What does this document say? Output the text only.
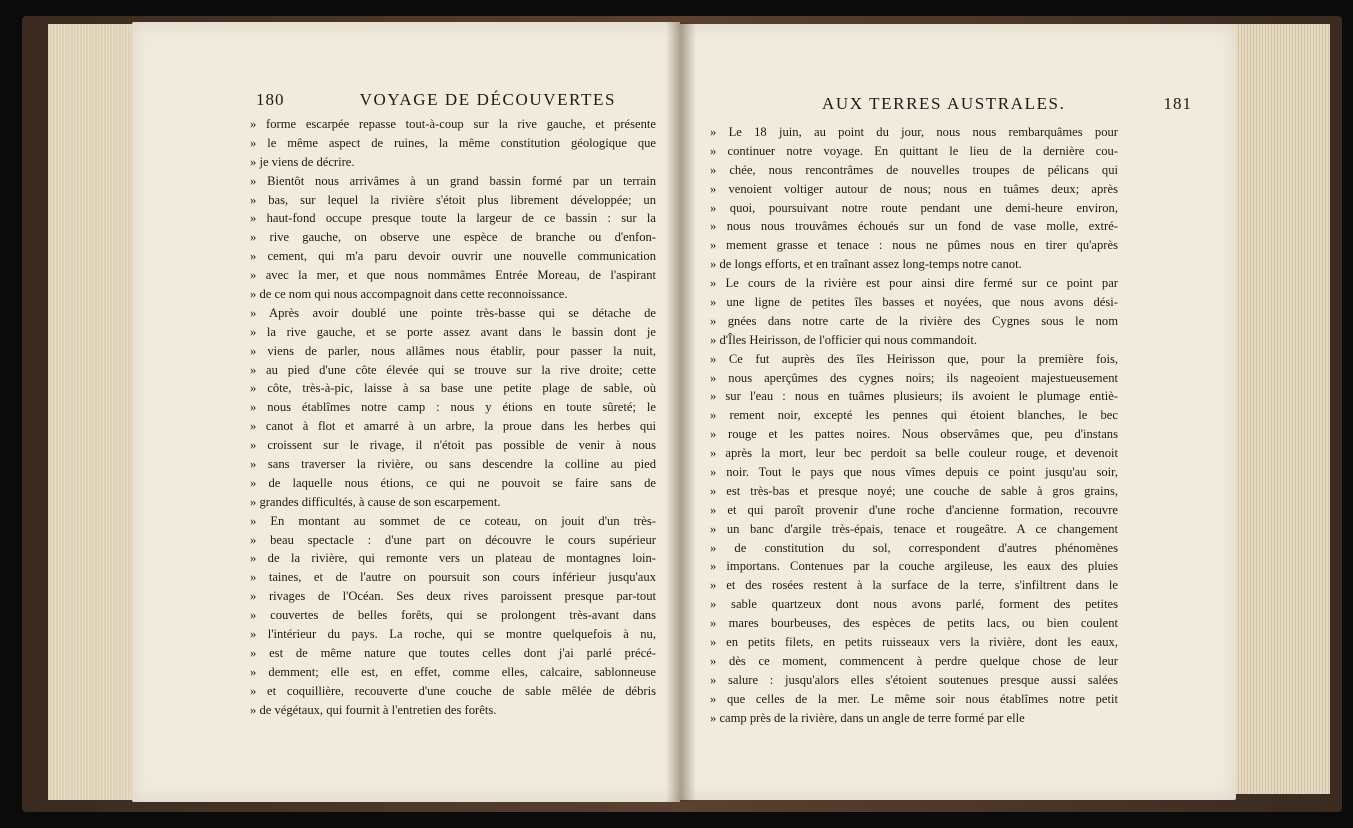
180	VOYAGE DE DÉCOUVERTES
» forme escarpée repasse tout-à-coup sur la rive gauche, et présente
» le même aspect de ruines, la même constitution géologique que
» je viens de décrire.
» Bientôt nous arrivâmes à un grand bassin formé par un terrain
» bas, sur lequel la rivière s'étoit plus librement développée; un
» haut-fond occupe presque toute la largeur de ce bassin : sur la
» rive gauche, on observe une espèce de branche ou d'enfon-
» cement, qui m'a paru devoir ouvrir une nouvelle communication
» avec la mer, et que nous nommâmes Entrée Moreau, de l'aspirant
» de ce nom qui nous accompagnoit dans cette reconnoissance.
» Après avoir doublé une pointe très-basse qui se détache de
» la rive gauche, et se porte assez avant dans le bassin dont je
» viens de parler, nous allâmes nous établir, pour passer la nuit,
» au pied d'une côte élevée qui se trouve sur la rive droite; cette
» côte, très-à-pic, laisse à sa base une petite plage de sable, où
» nous établîmes notre camp : nous y étions en toute sûreté; le
» canot à flot et amarré à un arbre, la proue dans les herbes qui
» croissent sur le rivage, il n'étoit pas possible de venir à nous
» sans traverser la rivière, ou sans descendre la colline au pied
» de laquelle nous étions, ce qui ne pouvoit se faire sans de
» grandes difficultés, à cause de son escarpement.
» En montant au sommet de ce coteau, on jouit d'un très-
» beau spectacle : d'une part on découvre le cours supérieur
» de la rivière, qui remonte vers un plateau de montagnes loin-
» taines, et de l'autre on poursuit son cours inférieur jusqu'aux
» rivages de l'Océan. Ses deux rives paroissent presque par-tout
» couvertes de belles forêts, qui se prolongent très-avant dans
» l'intérieur du pays. La roche, qui se montre quelquefois à nu,
» est de même nature que toutes celles dont j'ai parlé précé-
» demment; elle est, en effet, comme elles, calcaire, sablonneuse
» et coquillière, recouverte d'une couche de sable mêlée de débris
» de végétaux, qui fournit à l'entretien des forêts.
AUX TERRES AUSTRALES.	181
» Le 18 juin, au point du jour, nous nous rembarquâmes pour
» continuer notre voyage. En quittant le lieu de la dernière cou-
» chée, nous rencontrâmes de nouvelles troupes de pélicans qui
» venoient voltiger autour de nous; nous en tuâmes deux; après
» quoi, poursuivant notre route pendant une demi-heure environ,
» nous nous trouvâmes échoués sur un fond de vase molle, extré-
» mement grasse et tenace : nous ne pûmes nous en tirer qu'après
» de longs efforts, et en traînant assez long-temps notre canot.
» Le cours de la rivière est pour ainsi dire fermé sur ce point par
» une ligne de petites îles basses et noyées, que nous avons dési-
» gnées dans notre carte de la rivière des Cygnes sous le nom
» d'Îles Heirisson, de l'officier qui nous commandoit.
» Ce fut auprès des îles Heirisson que, pour la première fois,
» nous aperçûmes des cygnes noirs; ils nageoient majestueusement
» sur l'eau : nous en tuâmes plusieurs; ils avoient le plumage entiè-
» rement noir, excepté les pennes qui étoient blanches, le bec
» rouge et les pattes noires. Nous observâmes que, peu d'instans
» après la mort, leur bec perdoit sa belle couleur rouge, et devenoit
» noir. Tout le pays que nous vîmes depuis ce point jusqu'au soir,
» est très-bas et presque noyé; une couche de sable à gros grains,
» et qui paroît provenir d'une roche d'ancienne formation, recouvre
» un banc d'argile très-épais, tenace et rougeâtre. A ce changement
» de constitution du sol, correspondent d'autres phénomènes
» importans. Contenues par la couche argileuse, les eaux des pluies
» et des rosées restent à la surface de la terre, s'infiltrent dans le
» sable quartzeux dont nous avons parlé, forment des petites
» mares bourbeuses, des espèces de petits lacs, ou bien coulent
» en petits filets, en petits ruisseaux vers la rivière, dont les eaux,
» dès ce moment, commencent à perdre quelque chose de leur
» salure : jusqu'alors elles s'étoient soutenues presque aussi salées
» que celles de la mer. Le même soir nous établîmes notre petit
» camp près de la rivière, dans un angle de terre formé par elle
